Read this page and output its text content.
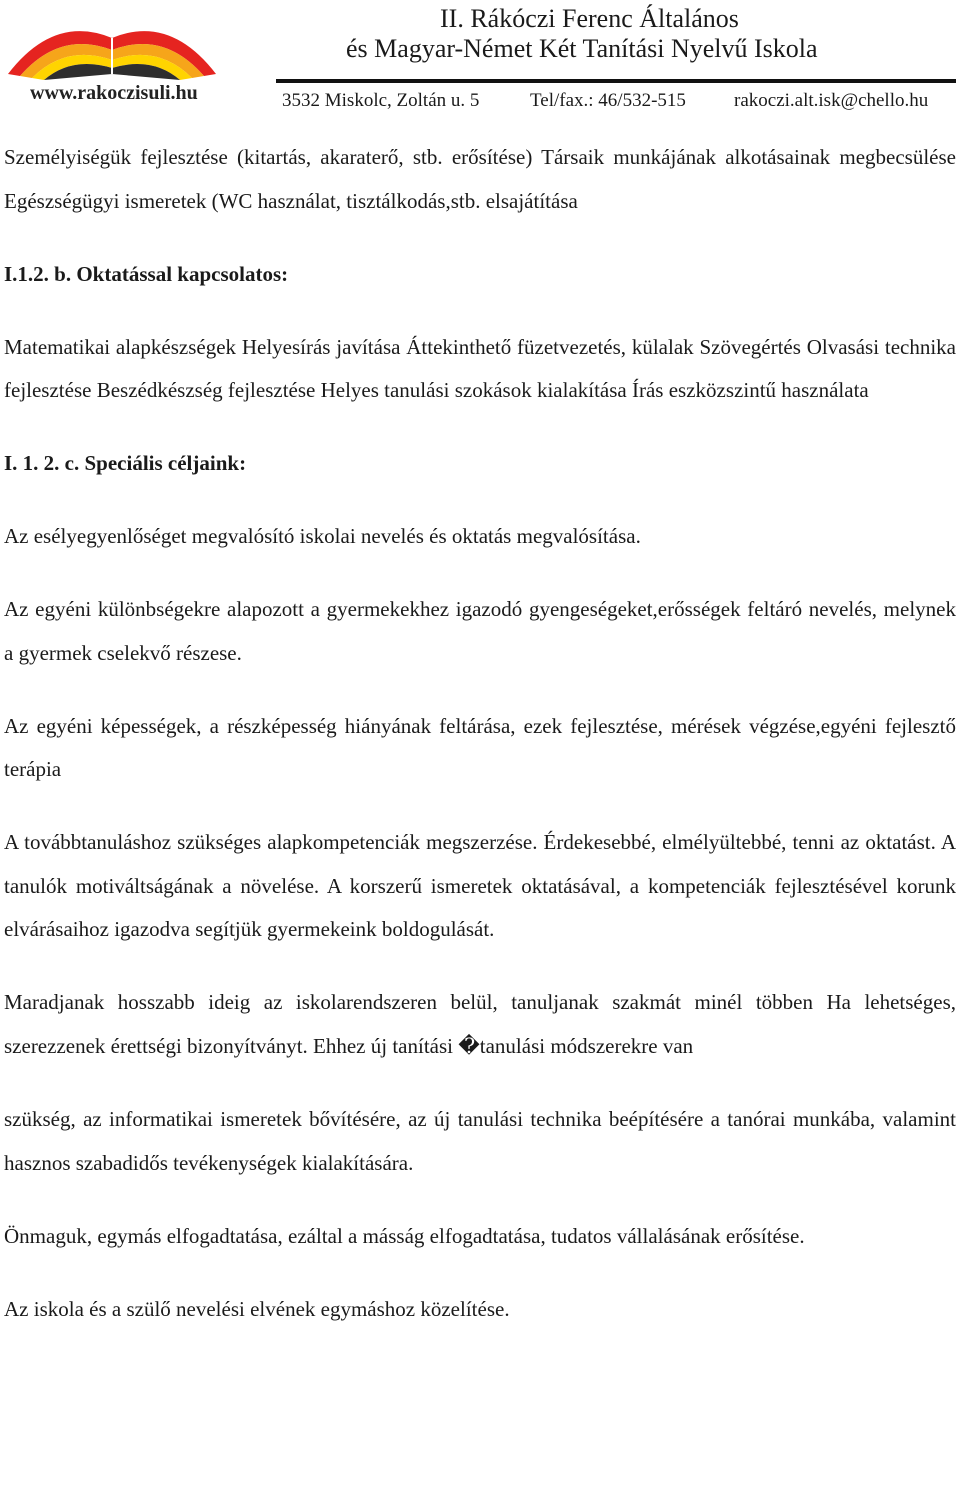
www.rakoczisuli.hu
II. Rákóczi Ferenc Általános
és Magyar-Német Két Tanítási Nyelvű Iskola
3532 Miskolc, Zoltán u. 5	Tel/fax.: 46/532-515	rakoczi.alt.isk@chello.hu

Személyiségük fejlesztése (kitartás, akaraterő, stb. erősítése) Társaik munkájának alkotásainak megbecsülése Egészségügyi ismeretek (WC használat, tisztálkodás,stb. elsajátítása

I.1.2. b. Oktatással kapcsolatos:

Matematikai alapkészségek Helyesírás javítása Áttekinthető füzetvezetés, külalak Szövegértés Olvasási technika fejlesztése Beszédkészség fejlesztése Helyes tanulási szokások kialakítása Írás eszközszintű használata

I. 1. 2. c. Speciális céljaink:

Az esélyegyenlőséget megvalósító iskolai nevelés és oktatás megvalósítása.

Az egyéni különbségekre alapozott a gyermekekhez igazodó gyengeségeket,erősségek feltáró nevelés, melynek a gyermek cselekvő részese.

Az egyéni képességek, a részképesség hiányának feltárása, ezek fejlesztése, mérések végzése,egyéni fejlesztő terápia

A továbbtanuláshoz szükséges alapkompetenciák megszerzése. Érdekesebbé, elmélyültebbé, tenni az oktatást. A tanulók motiváltságának a növelése. A korszerű ismeretek oktatásával, a kompetenciák fejlesztésével korunk elvárásaihoz igazodva segítjük gyermekeink boldogulását.

Maradjanak hosszabb ideig az iskolarendszeren belül, tanuljanak szakmát minél többen Ha lehetséges, szerezzenek érettségi bizonyítványt. Ehhez új tanítási �tanulási módszerekre van

szükség, az informatikai ismeretek bővítésére, az új tanulási technika beépítésére a tanórai munkába, valamint hasznos szabadidős tevékenységek kialakítására.

Önmaguk, egymás elfogadtatása, ezáltal a másság elfogadtatása, tudatos vállalásának erősítése.

Az iskola és a szülő nevelési elvének egymáshoz közelítése.
